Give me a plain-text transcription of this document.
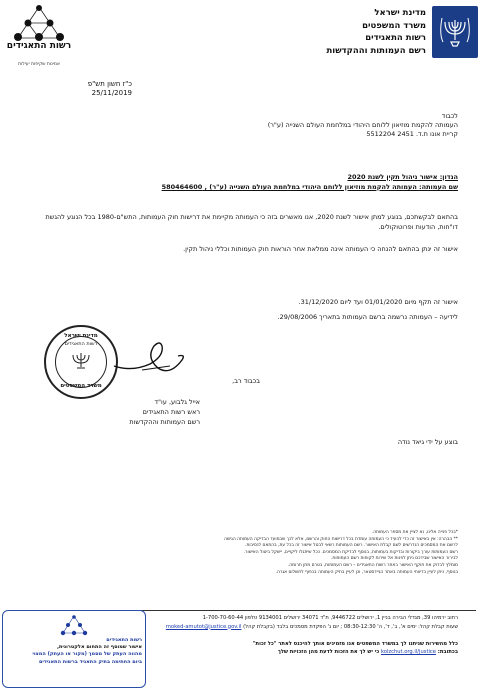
מדינת ישראל
משרד המשפטים
רשות התאגידים
רשם העמותות וההקדשות
רשות התאגידים
אמינות שקיפות יעילות
כ"ז חשון תש"פ
25/11/2019
לכבוד
העמותה להקמת מוזיאון ללוחם היהודי במלחמת העולם השנייה (ע"ר)
קריית אונו ת.ד. 2451 5512204
הנדון: אישור ניהול תקין לשנת 2020
שם העמותה: העמותה להקמת מוזיאון ללוחם היהודי במלחמת העולם השנייה (ע"ר) , 580464600
בהתאם לבקשתכם, בנוגע למתן אישור לשנת 2020, אנו מאשרים בזה כי העמותה מקיימת את דרישות חוק העמותות, התש"ם-1980 בכל הנוגע להגשת דו"חות, הודעות ופרוטוקולים.
אישור זה ינתן בהתאם להנחה כי העמותה אינה ממלאת אחר הוראות חוק העמותות וכללי ניהול תקין.
אישור זה תקף מיום 01/01/2020 ועד ליום 31/12/2020.
לידיעה – העמותה נרשמה ברשם העמותות בתאריך 29/08/2006.
מדינת ישראל
רשות התאגידים
משרד המשפטים
בכבוד רב,
אייל גלבוע, עו"ד
ראש רשות התאגידים
רשם העמותות וההקדשות
בוצע על ידי גיאד נודה
*בכל פנייה אלינו, נא לציין את מספר העמותה.
** הבהרה: אין באישור זה כדי להעיד כי העמותה עומדת בכל דרישות החוק והרשם, אלא לכך שבמועד הבדיקה העמותה הגישה
לרשם את המסמכים הנדרשים לשם קבלת האישור. רשם העמותות רשאי לבטל אישור זה בכל עת, בהתאם לנסיבות.
רשם העמותות עורך ביקורות ובדיקות בעמותות, בנוסף לבדיקת המסמכים. ככל שיתגלו ליקויים, יישקל ביטול האישור.
לבירור האישור שבידכם ניתן לפנות אל שירות לקוחות רשם העמותות.
מומלץ לבדוק את תוקף האישור באתר רשות התאגידים – רשם העמותות, בטרם מתן תרומה.
בנוסף, ניתן לעיין בדיווחי העמותה באתר הגיידסטאר, וכן לעיין בתיק העמותה בכפוף לתשלום אגרה.
רחוב ירמיהו 39, מגדלי הבירה בניין 1, ירושלים 9446722, ת"ד 34071 ירושלים 9134001 טלפון 1-700-70-60-44
שעות קבלת קהל: ימים א', ב', ד', ה' 08:30-12:30 ; יום ג' הפקדת מסמכים בלבד (בקבלת קהל) moked-amutot@justice.gov.il
כלל מהשירות שניתנו לך במשרד המשפטים אנו מזמינים אותך להיכנס לאתר "כל זכות"
בכתובת: kolzchut.org.il/justice כי יש לך את הזכות לדעת מהן הזכויות שלך
רשות התאגידים
אישור שמוסף זה התחום אלקטרונית,
מהווה העתק של מסמך (מקור או העתק) המצוי
ביום החתימה בתיק התאגיד ברשות התאגידים
